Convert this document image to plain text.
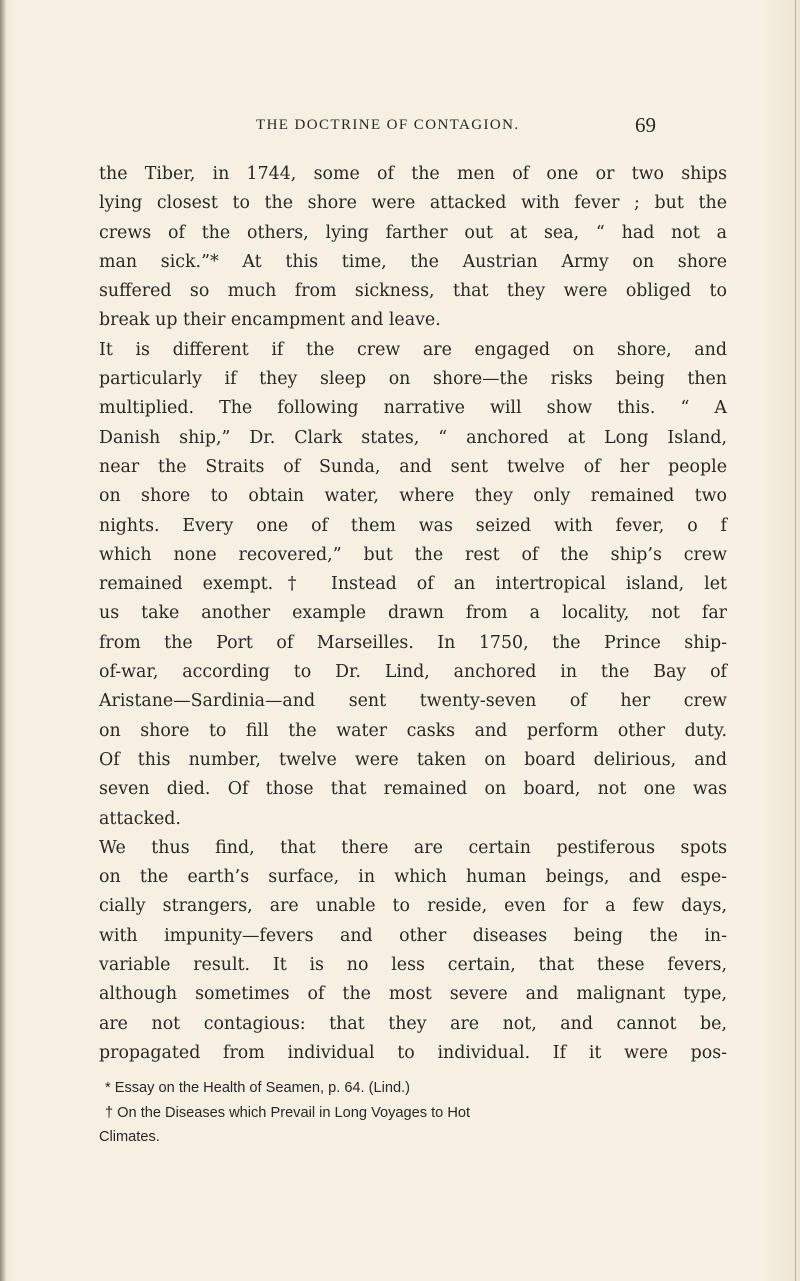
THE DOCTRINE OF CONTAGION.	69
the Tiber, in 1744, some of the men of one or two ships
lying closest to the shore were attacked with fever ; but the
crews of the others, lying farther out at sea, “ had not a
man sick.”* At this time, the Austrian Army on shore
suffered so much from sickness, that they were obliged to
break up their encampment and leave.
It is different if the crew are engaged on shore, and
particularly if they sleep on shore—the risks being then
multiplied. The following narrative will show this. “ A
Danish ship,” Dr. Clark states, “ anchored at Long Island,
near the Straits of Sunda, and sent twelve of her people
on shore to obtain water, where they only remained two
nights. Every one of them was seized with fever, o f
which none recovered,” but the rest of the ship’s crew
remained exempt.† Instead of an intertropical island, let
us take another example drawn from a locality, not far
from the Port of Marseilles. In 1750, the Prince ship-
of-war, according to Dr. Lind, anchored in the Bay of
Aristane—Sardinia—and sent twenty-seven of her crew
on shore to fill the water casks and perform other duty.
Of this number, twelve were taken on board delirious, and
seven died. Of those that remained on board, not one was
attacked.
We thus find, that there are certain pestiferous spots
on the earth’s surface, in which human beings, and espe-
cially strangers, are unable to reside, even for a few days,
with impunity—fevers and other diseases being the in-
variable result. It is no less certain, that these fevers,
although sometimes of the most severe and malignant type,
are not contagious: that they are not, and cannot be,
propagated from individual to individual. If it were pos-
* Essay on the Health of Seamen, p. 64. (Lind.)
† On the Diseases which Prevail in Long Voyages to Hot
Climates.
